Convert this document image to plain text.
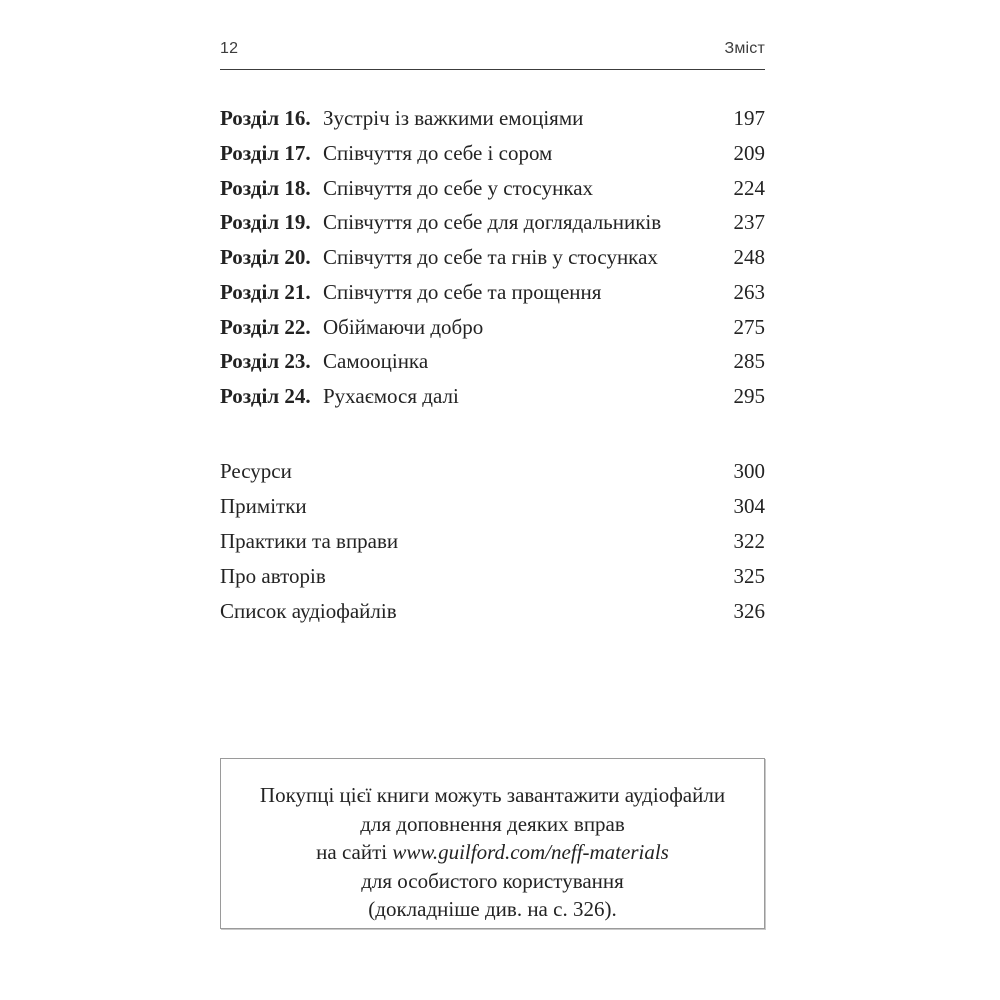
12	Зміст
Розділ 16. Зустріч із важкими емоціями	197
Розділ 17. Співчуття до себе і сором	209
Розділ 18. Співчуття до себе у стосунках	224
Розділ 19. Співчуття до себе для доглядальників	237
Розділ 20. Співчуття до себе та гнів у стосунках	248
Розділ 21. Співчуття до себе та прощення	263
Розділ 22. Обіймаючи добро	275
Розділ 23. Самооцінка	285
Розділ 24. Рухаємося далі	295
Ресурси	300
Примітки	304
Практики та вправи	322
Про авторів	325
Список аудіофайлів	326
Покупці цієї книги можуть завантажити аудіофайли
для доповнення деяких вправ
на сайті www.guilford.com/neff-materials
для особистого користування
(докладніше див. на с. 326).
